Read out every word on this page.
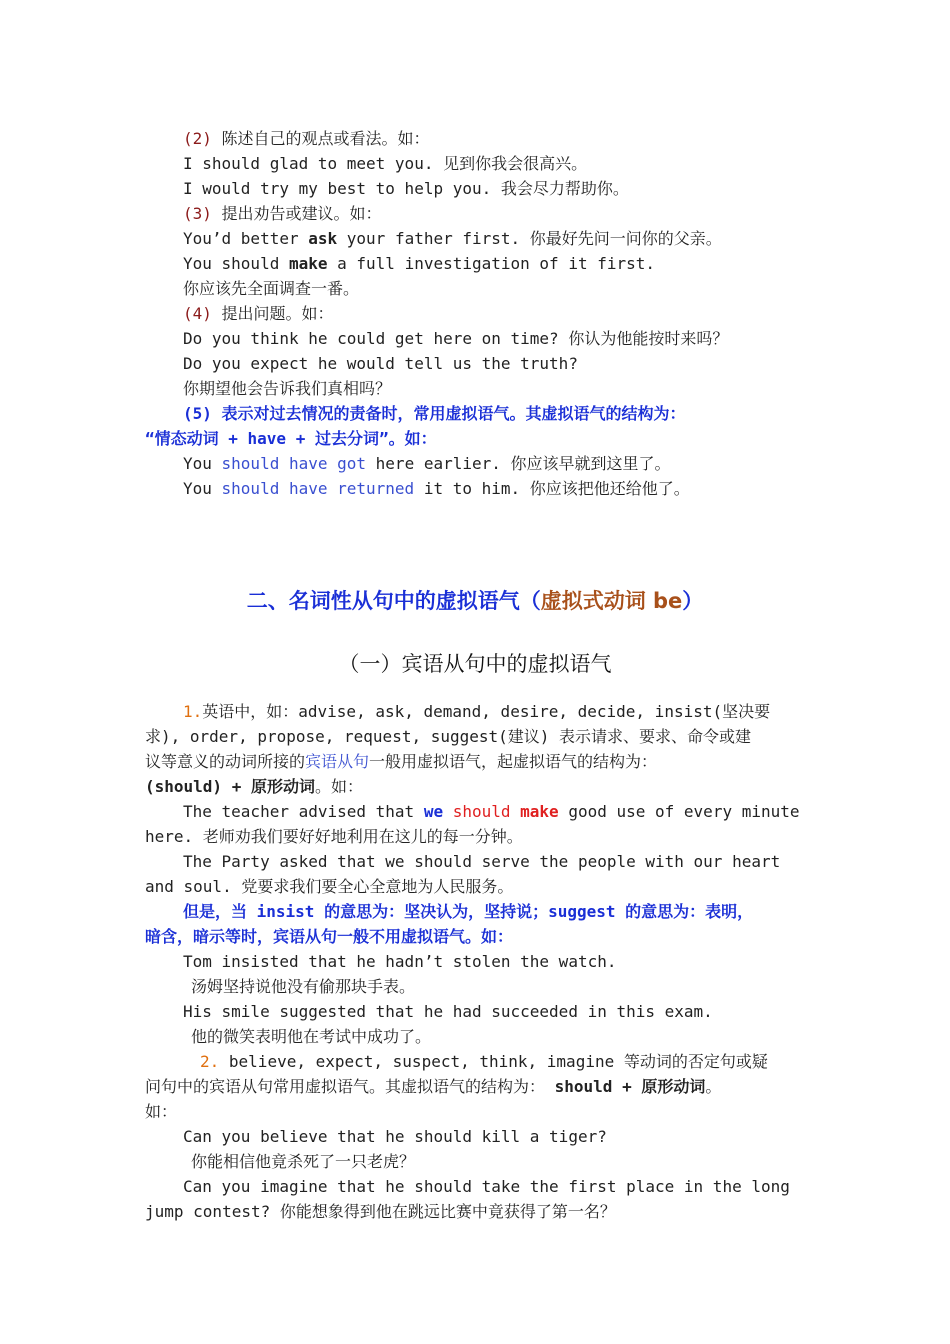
(2) 陈述自己的观点或看法。如：
I should glad to meet you. 见到你我会很高兴。
I would try my best to help you. 我会尽力帮助你。
(3) 提出劝告或建议。如：
You’d better ask your father first. 你最好先问一问你的父亲。
You should make a full investigation of it first.
你应该先全面调查一番。
(4) 提出问题。如：
Do you think he could get here on time? 你认为他能按时来吗？
Do you expect he would tell us the truth?
你期望他会告诉我们真相吗？
(5) 表示对过去情况的责备时，常用虚拟语气。其虚拟语气的结构为：
“情态动词 + have + 过去分词”。如：
You should have got here earlier. 你应该早就到这里了。
You should have returned it to him. 你应该把他还给他了。
二、名词性从句中的虚拟语气（虚拟式动词 be）
（一）宾语从句中的虚拟语气
1.英语中，如：advise, ask, demand, desire, decide, insist(坚决要
求), order, propose, request, suggest(建议) 表示请求、要求、命令或建
议等意义的动词所接的宾语从句一般用虚拟语气，起虚拟语气的结构为：
(should) + 原形动词。如：
The teacher advised that we should make good use of every minute
here. 老师劝我们要好好地利用在这儿的每一分钟。
The Party asked that we should serve the people with our heart
and soul. 党要求我们要全心全意地为人民服务。
但是，当 insist 的意思为：坚决认为，坚持说；suggest 的意思为：表明，
暗含，暗示等时，宾语从句一般不用虚拟语气。如：
Tom insisted that he hadn’t stolen the watch.
汤姆坚持说他没有偷那块手表。
His smile suggested that he had succeeded in this exam.
他的微笑表明他在考试中成功了。
2. believe, expect, suspect, think, imagine 等动词的否定句或疑
问句中的宾语从句常用虚拟语气。其虚拟语气的结构为： should + 原形动词。
如：
Can you believe that he should kill a tiger?
你能相信他竟杀死了一只老虎？
Can you imagine that he should take the first place in the long
jump contest? 你能想象得到他在跳远比赛中竟获得了第一名？
